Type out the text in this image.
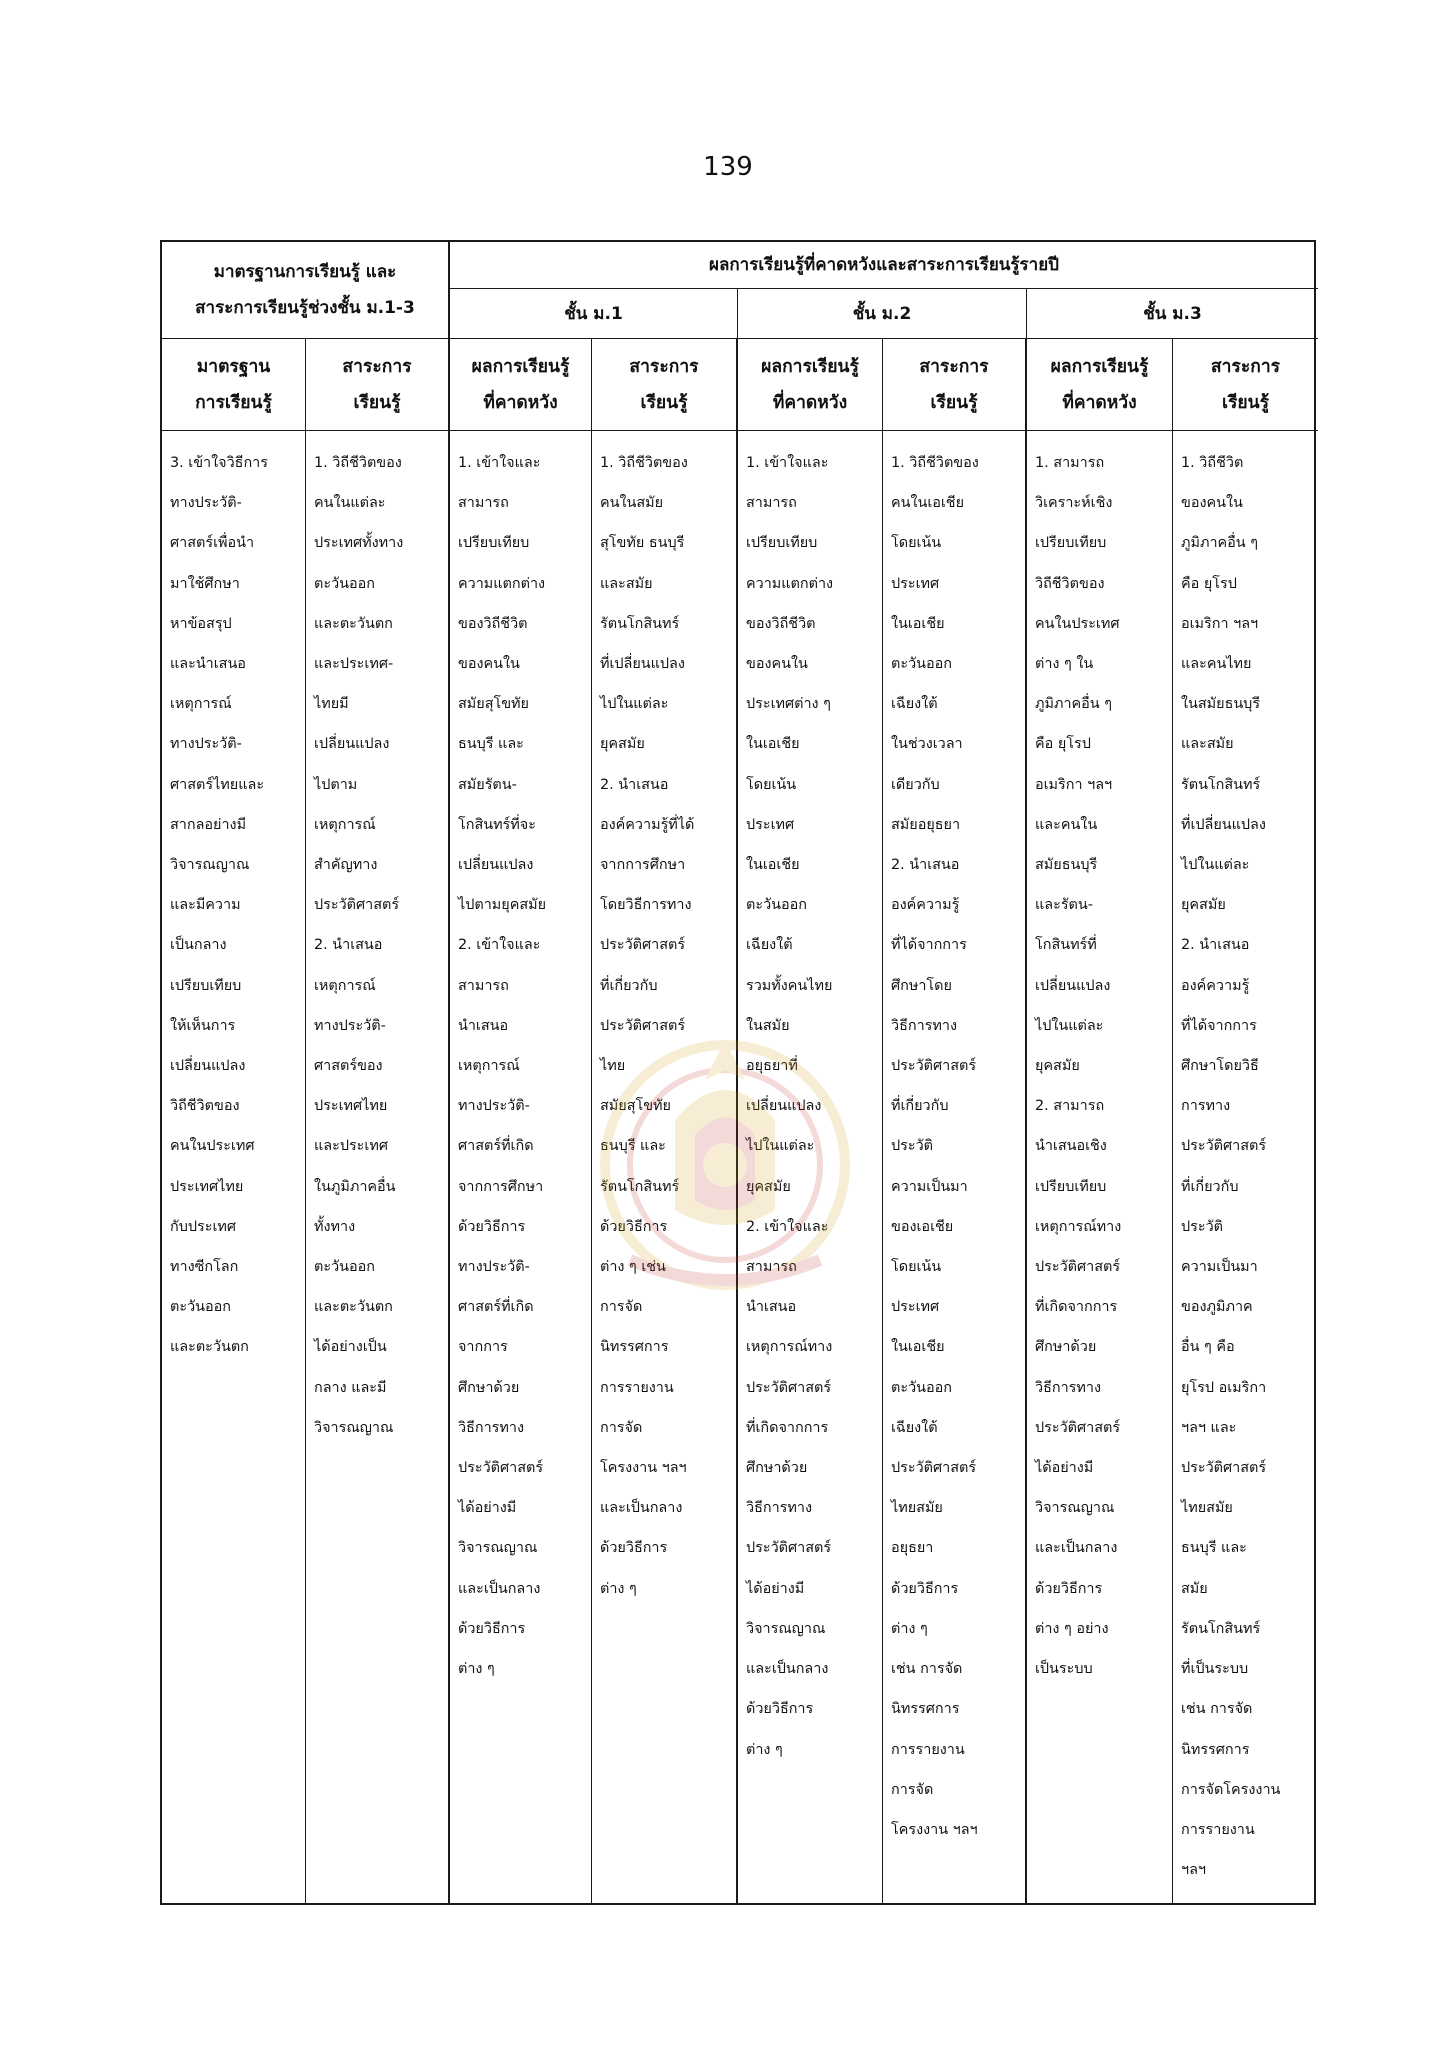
139
มาตรฐานการเรียนรู้ และ
สาระการเรียนรู้ช่วงชั้น ม.1-3
ผลการเรียนรู้ที่คาดหวังและสาระการเรียนรู้รายปี
ชั้น ม.1	ชั้น ม.2	ชั้น ม.3
มาตรฐาน
การเรียนรู้
สาระการ
เรียนรู้
ผลการเรียนรู้
ที่คาดหวัง
สาระการ
เรียนรู้
ผลการเรียนรู้
ที่คาดหวัง
สาระการ
เรียนรู้
ผลการเรียนรู้
ที่คาดหวัง
สาระการ
เรียนรู้
3. เข้าใจวิธีการ
ทางประวัติ-
ศาสตร์เพื่อนำ
มาใช้ศึกษา
หาข้อสรุป
และนำเสนอ
เหตุการณ์
ทางประวัติ-
ศาสตร์ไทยและ
สากลอย่างมี
วิจารณญาณ
และมีความ
เป็นกลาง
เปรียบเทียบ
ให้เห็นการ
เปลี่ยนแปลง
วิถีชีวิตของ
คนในประเทศ
ประเทศไทย
กับประเทศ
ทางซีกโลก
ตะวันออก
และตะวันตก
1. วิถีชีวิตของ
คนในแต่ละ
ประเทศทั้งทาง
ตะวันออก
และตะวันตก
และประเทศ-
ไทยมี
เปลี่ยนแปลง
ไปตาม
เหตุการณ์
สำคัญทาง
ประวัติศาสตร์
2. นำเสนอ
เหตุการณ์
ทางประวัติ-
ศาสตร์ของ
ประเทศไทย
และประเทศ
ในภูมิภาคอื่น
ทั้งทาง
ตะวันออก
และตะวันตก
ได้อย่างเป็น
กลาง และมี
วิจารณญาณ
1. เข้าใจและ
สามารถ
เปรียบเทียบ
ความแตกต่าง
ของวิถีชีวิต
ของคนใน
สมัยสุโขทัย
ธนบุรี และ
สมัยรัตน-
โกสินทร์ที่จะ
เปลี่ยนแปลง
ไปตามยุคสมัย
2. เข้าใจและ
สามารถ
นำเสนอ
เหตุการณ์
ทางประวัติ-
ศาสตร์ที่เกิด
จากการศึกษา
ด้วยวิธีการ
ทางประวัติ-
ศาสตร์ที่เกิด
จากการ
ศึกษาด้วย
วิธีการทาง
ประวัติศาสตร์
ได้อย่างมี
วิจารณญาณ
และเป็นกลาง
ด้วยวิธีการ
ต่าง ๆ
1. วิถีชีวิตของ
คนในสมัย
สุโขทัย ธนบุรี
และสมัย
รัตนโกสินทร์
ที่เปลี่ยนแปลง
ไปในแต่ละ
ยุคสมัย
2. นำเสนอ
องค์ความรู้ที่ได้
จากการศึกษา
โดยวิธีการทาง
ประวัติศาสตร์
ที่เกี่ยวกับ
ประวัติศาสตร์
ไทย
สมัยสุโขทัย
ธนบุรี และ
รัตนโกสินทร์
ด้วยวิธีการ
ต่าง ๆ เช่น
การจัด
นิทรรศการ
การรายงาน
การจัด
โครงงาน ฯลฯ
และเป็นกลาง
ด้วยวิธีการ
ต่าง ๆ
1. เข้าใจและ
สามารถ
เปรียบเทียบ
ความแตกต่าง
ของวิถีชีวิต
ของคนใน
ประเทศต่าง ๆ
ในเอเชีย
โดยเน้น
ประเทศ
ในเอเชีย
ตะวันออก
เฉียงใต้
รวมทั้งคนไทย
ในสมัย
อยุธยาที่
เปลี่ยนแปลง
ไปในแต่ละ
ยุคสมัย
2. เข้าใจและ
สามารถ
นำเสนอ
เหตุการณ์ทาง
ประวัติศาสตร์
ที่เกิดจากการ
ศึกษาด้วย
วิธีการทาง
ประวัติศาสตร์
ได้อย่างมี
วิจารณญาณ
และเป็นกลาง
ด้วยวิธีการ
ต่าง ๆ
1. วิถีชีวิตของ
คนในเอเชีย
โดยเน้น
ประเทศ
ในเอเชีย
ตะวันออก
เฉียงใต้
ในช่วงเวลา
เดียวกับ
สมัยอยุธยา
2. นำเสนอ
องค์ความรู้
ที่ได้จากการ
ศึกษาโดย
วิธีการทาง
ประวัติศาสตร์
ที่เกี่ยวกับ
ประวัติ
ความเป็นมา
ของเอเชีย
โดยเน้น
ประเทศ
ในเอเชีย
ตะวันออก
เฉียงใต้
ประวัติศาสตร์
ไทยสมัย
อยุธยา
ด้วยวิธีการ
ต่าง ๆ
เช่น การจัด
นิทรรศการ
การรายงาน
การจัด
โครงงาน ฯลฯ
1. สามารถ
วิเคราะห์เชิง
เปรียบเทียบ
วิถีชีวิตของ
คนในประเทศ
ต่าง ๆ ใน
ภูมิภาคอื่น ๆ
คือ ยุโรป
อเมริกา ฯลฯ
และคนใน
สมัยธนบุรี
และรัตน-
โกสินทร์ที่
เปลี่ยนแปลง
ไปในแต่ละ
ยุคสมัย
2. สามารถ
นำเสนอเชิง
เปรียบเทียบ
เหตุการณ์ทาง
ประวัติศาสตร์
ที่เกิดจากการ
ศึกษาด้วย
วิธีการทาง
ประวัติศาสตร์
ได้อย่างมี
วิจารณญาณ
และเป็นกลาง
ด้วยวิธีการ
ต่าง ๆ อย่าง
เป็นระบบ
1. วิถีชีวิต
ของคนใน
ภูมิภาคอื่น ๆ
คือ ยุโรป
อเมริกา ฯลฯ
และคนไทย
ในสมัยธนบุรี
และสมัย
รัตนโกสินทร์
ที่เปลี่ยนแปลง
ไปในแต่ละ
ยุคสมัย
2. นำเสนอ
องค์ความรู้
ที่ได้จากการ
ศึกษาโดยวิธี
การทาง
ประวัติศาสตร์
ที่เกี่ยวกับ
ประวัติ
ความเป็นมา
ของภูมิภาค
อื่น ๆ คือ
ยุโรป อเมริกา
ฯลฯ และ
ประวัติศาสตร์
ไทยสมัย
ธนบุรี และ
สมัย
รัตนโกสินทร์
ที่เป็นระบบ
เช่น การจัด
นิทรรศการ
การจัดโครงงาน
การรายงาน
ฯลฯ
